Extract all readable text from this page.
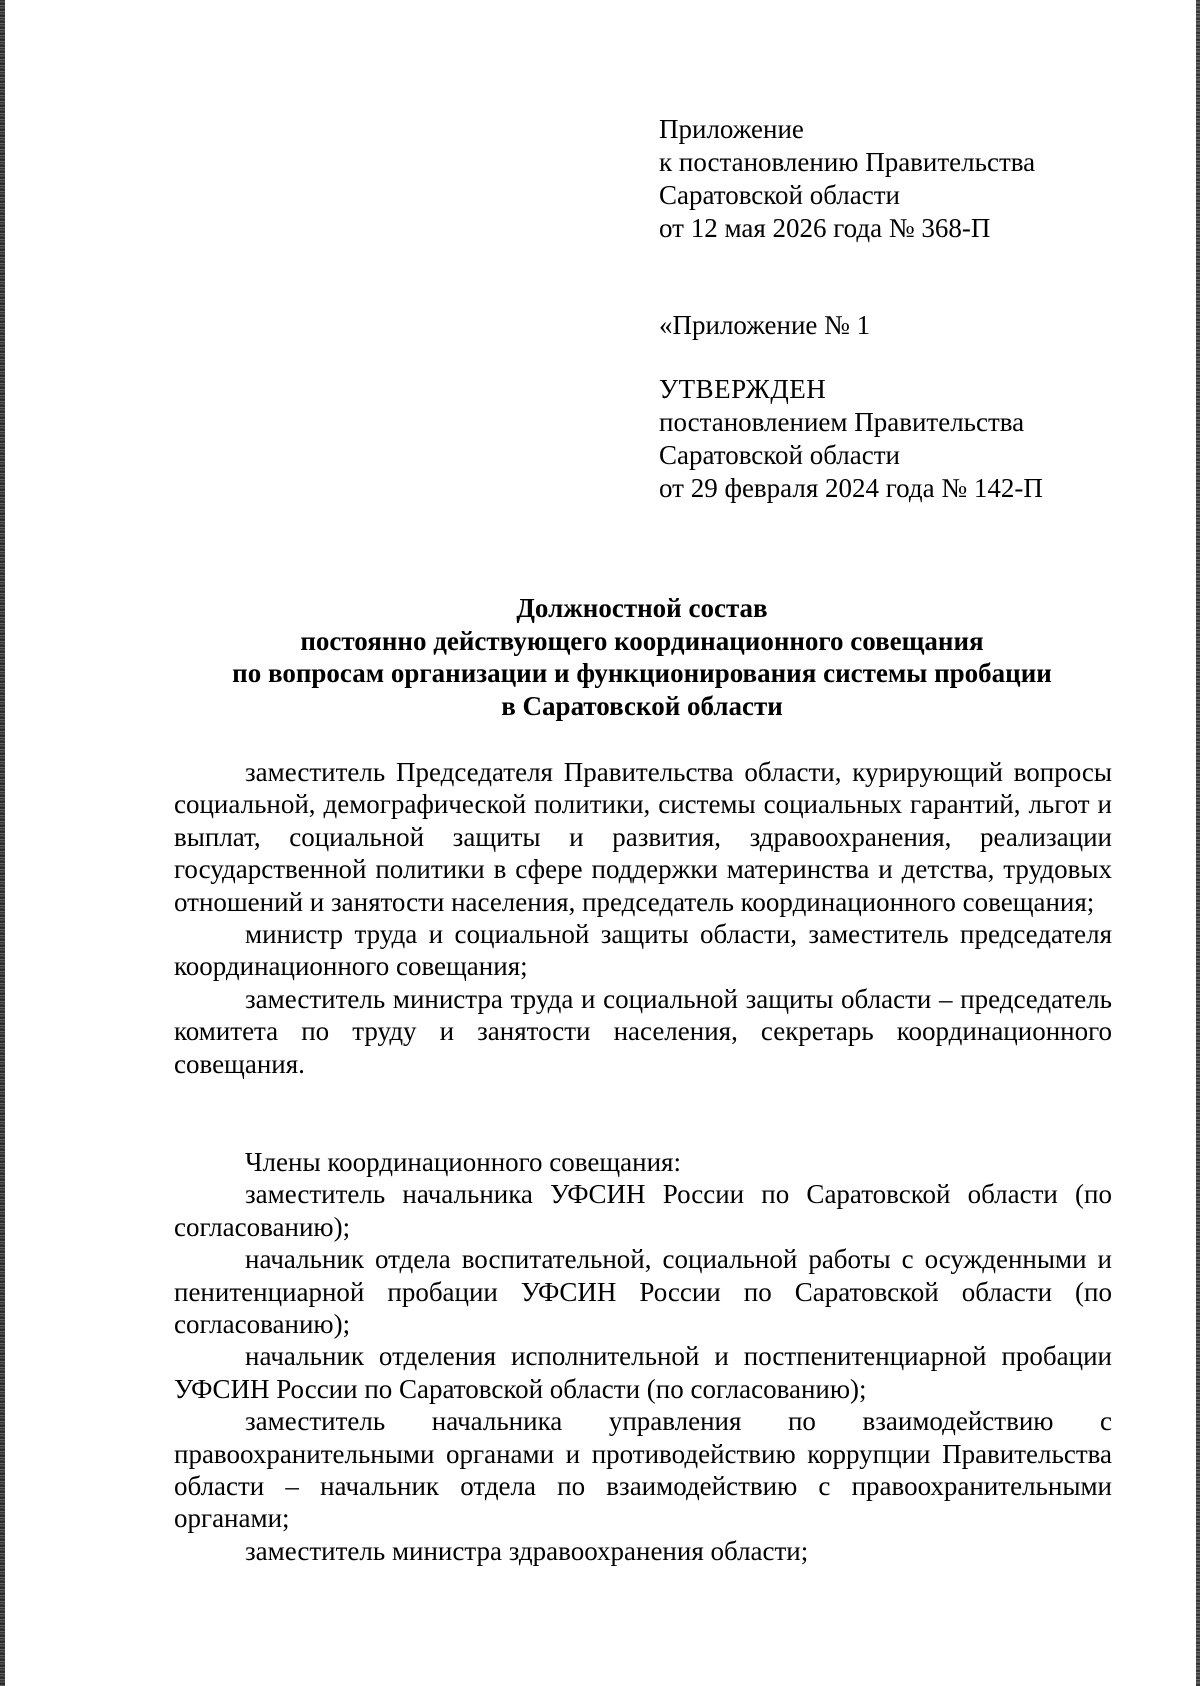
Приложение
к постановлению Правительства
Саратовской области
от 12 мая 2026 года № 368-П
«Приложение № 1
УТВЕРЖДЕН
постановлением Правительства
Саратовской области
от 29 февраля 2024 года № 142-П
Должностной состав
постоянно действующего координационного совещания
по вопросам организации и функционирования системы пробации
в Саратовской области

заместитель Председателя Правительства области, курирующий вопросы социальной, демографической политики, системы социальных гарантий, льгот и выплат, социальной защиты и развития, здравоохранения, реализации государственной политики в сфере поддержки материнства и детства, трудовых отношений и занятости населения, председатель координационного совещания;

министр труда и социальной защиты области, заместитель председателя координационного совещания;

заместитель министра труда и социальной защиты области – председатель комитета по труду и занятости населения, секретарь координационного совещания.

Члены координационного совещания:

заместитель начальника УФСИН России по Саратовской области (по согласованию);

начальник отдела воспитательной, социальной работы с осужденными и пенитенциарной пробации УФСИН России по Саратовской области (по согласованию);

начальник отделения исполнительной и постпенитенциарной пробации УФСИН России по Саратовской области (по согласованию);

заместитель начальника управления по взаимодействию с правоохранительными органами и противодействию коррупции Правительства области – начальник отдела по взаимодействию с правоохранительными органами;

заместитель министра здравоохранения области;
